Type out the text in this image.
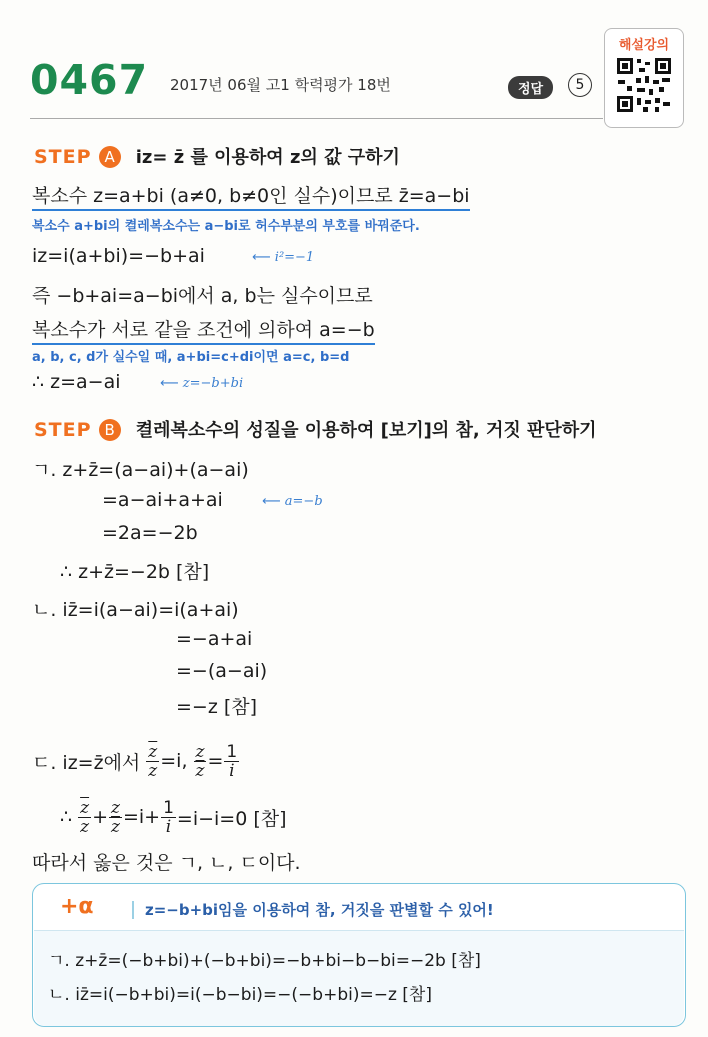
0467 2017년 06월 고1 학력평가 18번	정답	5
해설강의
STEP A iz= z̄ 를 이용하여 z의 값 구하기
복소수 z=a+bi (a≠0, b≠0인 실수)이므로 z̄=a−bi
복소수 a+bi의 켤레복소수는 a−bi로 허수부분의 부호를 바꿔준다.
iz=i(a+bi)=−b+ai	⟵ i²=−1
즉 −b+ai=a−bi에서 a, b는 실수이므로
복소수가 서로 같을 조건에 의하여 a=−b
a, b, c, d가 실수일 때, a+bi=c+di이면 a=c, b=d
∴ z=a−ai	⟵ z=−b+bi
STEP B 켤레복소수의 성질을 이용하여 [보기]의 참, 거짓 판단하기
ㄱ. z+z̄=(a−ai)+(a−ai)
=a−ai+a+ai	⟵ a=−b
=2a=−2b
∴ z+z̄=−2b [참]
ㄴ. iz̄=i(a−ai)=i(a+ai)
=−a+ai
=−(a−ai)
=−z [참]
ㄷ. iz=z̄에서 $\frac{\overline{z}}{z} =i$, $\frac{z}{z} = \frac{1}{i}$
∴ $\frac{\overline{z}}{z} + \frac{z}{z} =i+ \frac{1}{i} =i-i=0$ [참]
따라서 옳은 것은 ㄱ, ㄴ, ㄷ이다.
+α	z=−b+bi임을 이용하여 참, 거짓을 판별할 수 있어!
ㄱ. z+z̄=(−b+bi)+(−b+bi)=−b+bi−b−bi=−2b [참]
ㄴ. iz̄=i(−b+bi)=i(−b−bi)=−(−b+bi)=−z [참]
